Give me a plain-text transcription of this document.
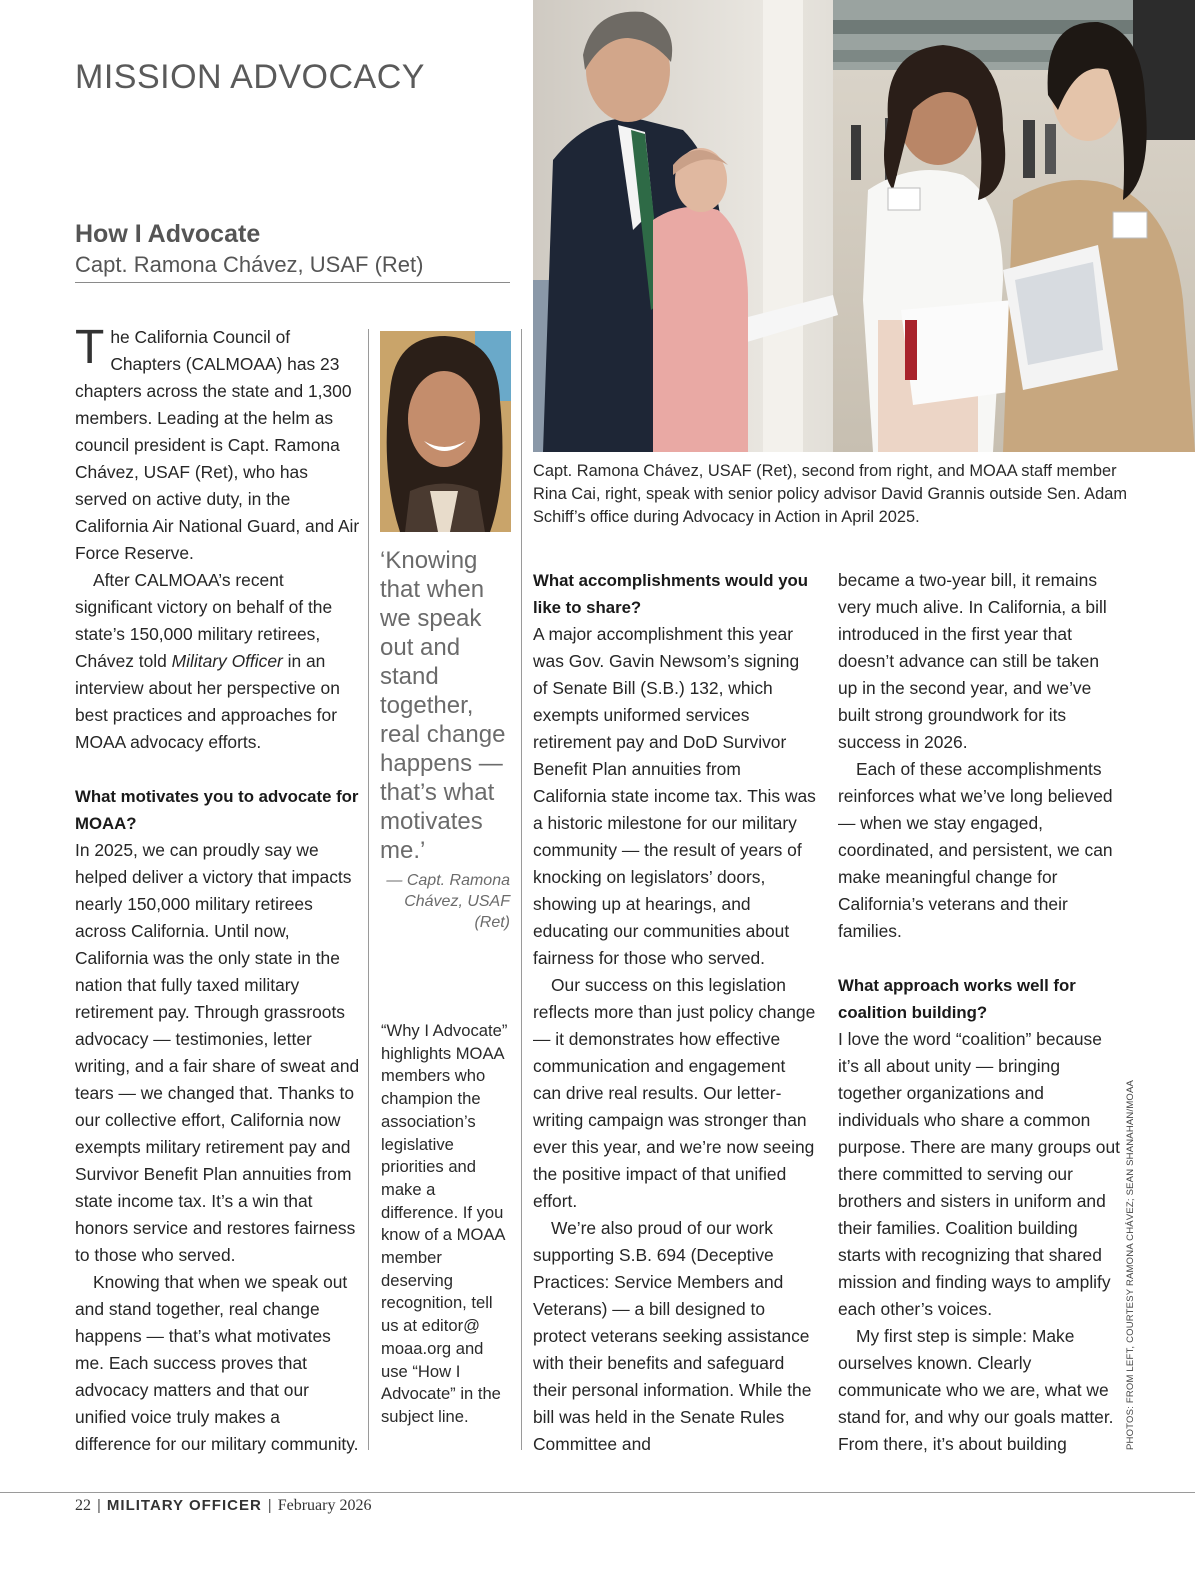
MISSION ADVOCACY
How I Advocate
Capt. Ramona Chávez, USAF (Ret)
Capt. Ramona Chávez, USAF (Ret), second from right, and MOAA staff member Rina Cai, right, speak with senior policy advisor David Grannis outside Sen. Adam Schiff’s office during Advocacy in Action in April 2025.
‘Knowing that when we speak out and stand together, real change happens — that’s what motivates me.’
— Capt. Ramona Chávez, USAF (Ret)
“Why I Advocate” highlights MOAA members who champion the association’s legislative priorities and make a difference. If you know of a MOAA member deserving recognition, tell us at editor@ moaa.org and use “How I Advocate” in the subject line.

The California Council of Chapters (CALMOAA) has 23 chapters across the state and 1,300 members. Leading at the helm as council president is Capt. Ramona Chávez, USAF (Ret), who has served on active duty, in the California Air National Guard, and Air Force Reserve.

After CALMOAA’s recent significant victory on behalf of the state’s 150,000 military retirees, Chávez told Military Officer in an interview about her perspective on best practices and approaches for MOAA advocacy efforts.

What motivates you to advocate for MOAA?

In 2025, we can proudly say we helped deliver a victory that impacts nearly 150,000 military retirees across California. Until now, California was the only state in the nation that fully taxed military retirement pay. Through grassroots advocacy — testimonies, letter writing, and a fair share of sweat and tears — we changed that. Thanks to our collective effort, California now exempts military retirement pay and Survivor Benefit Plan annuities from state income tax. It’s a win that honors service and restores fairness to those who served.

Knowing that when we speak out and stand together, real change happens — that’s what motivates me. Each success proves that advocacy matters and that our unified voice truly makes a difference for our military community.

What accomplishments would you like to share?

A major accomplishment this year was Gov. Gavin Newsom’s signing of Senate Bill (S.B.) 132, which exempts uniformed services retirement pay and DoD Survivor Benefit Plan annuities from California state income tax. This was a historic milestone for our military community — the result of years of knocking on legislators’ doors, showing up at hearings, and educating our communities about fairness for those who served.

Our success on this legislation reflects more than just policy change — it demonstrates how effective communication and engagement can drive real results. Our letter-writing campaign was stronger than ever this year, and we’re now seeing the positive impact of that unified effort.

We’re also proud of our work supporting S.B. 694 (Deceptive Practices: Service Members and Veterans) — a bill designed to protect veterans seeking assistance with their benefits and safeguard their personal information. While the bill was held in the Senate Rules Committee and

became a two-year bill, it remains very much alive. In California, a bill introduced in the first year that doesn’t advance can still be taken up in the second year, and we’ve built strong groundwork for its success in 2026.

Each of these accomplishments reinforces what we’ve long believed — when we stay engaged, coordinated, and persistent, we can make meaningful change for California’s veterans and their families.

What approach works well for coalition building?

I love the word “coalition” because it’s all about unity — bringing together organizations and individuals who share a common purpose. There are many groups out there committed to serving our brothers and sisters in uniform and their families. Coalition building starts with recognizing that shared mission and finding ways to amplify each other’s voices.

My first step is simple: Make ourselves known. Clearly communicate who we are, what we stand for, and why our goals matter. From there, it’s about building	PHOTOS: FROM LEFT, COURTESY RAMONA CHÁVEZ; SEAN SHANAHAN/MOAA
22 | MILITARY OFFICER | February 2026
